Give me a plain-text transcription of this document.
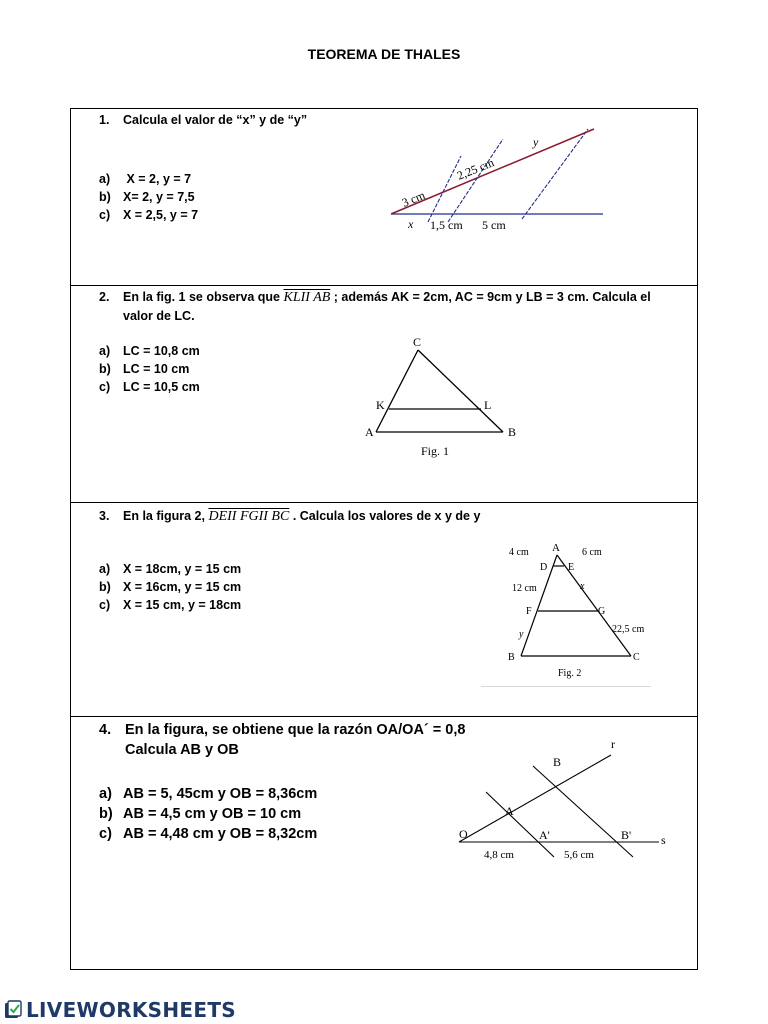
TEOREMA DE THALES
1. Calcula el valor de “x” y de “y”
a) X = 2, y = 7
b) X= 2, y = 7,5
c) X = 2,5, y = 7
3 cm
2,25 cm
y
x 1,5 cm 5 cm
2. En la fig. 1 se observa que KLII AB ; además AK = 2cm, AC = 9cm y LB = 3 cm. Calcula el
valor de LC.
a) LC = 10,8 cm
b) LC = 10 cm
c) LC = 10,5 cm
C
K	L
A	B
Fig. 1
3. En la figura 2, DEII FGII BC . Calcula los valores de x y de y
a) X = 18cm, y = 15 cm
b) X = 16cm, y = 15 cm
c) X = 15 cm, y = 18cm
A
4 cm	6 cm
D E
12 cm	x
F	G
22,5 cm
y
B	C
Fig. 2
4. En la figura, se obtiene que la razón OA/OA´ = 0,8
Calcula AB y OB
a) AB = 5, 45cm y OB = 8,36cm
b) AB = 4,5 cm y OB = 10 cm
c) AB = 4,48 cm y OB = 8,32cm
r
B
A
O	A'	B' s
4,8 cm	5,6 cm
LIVEWORKSHEETS
